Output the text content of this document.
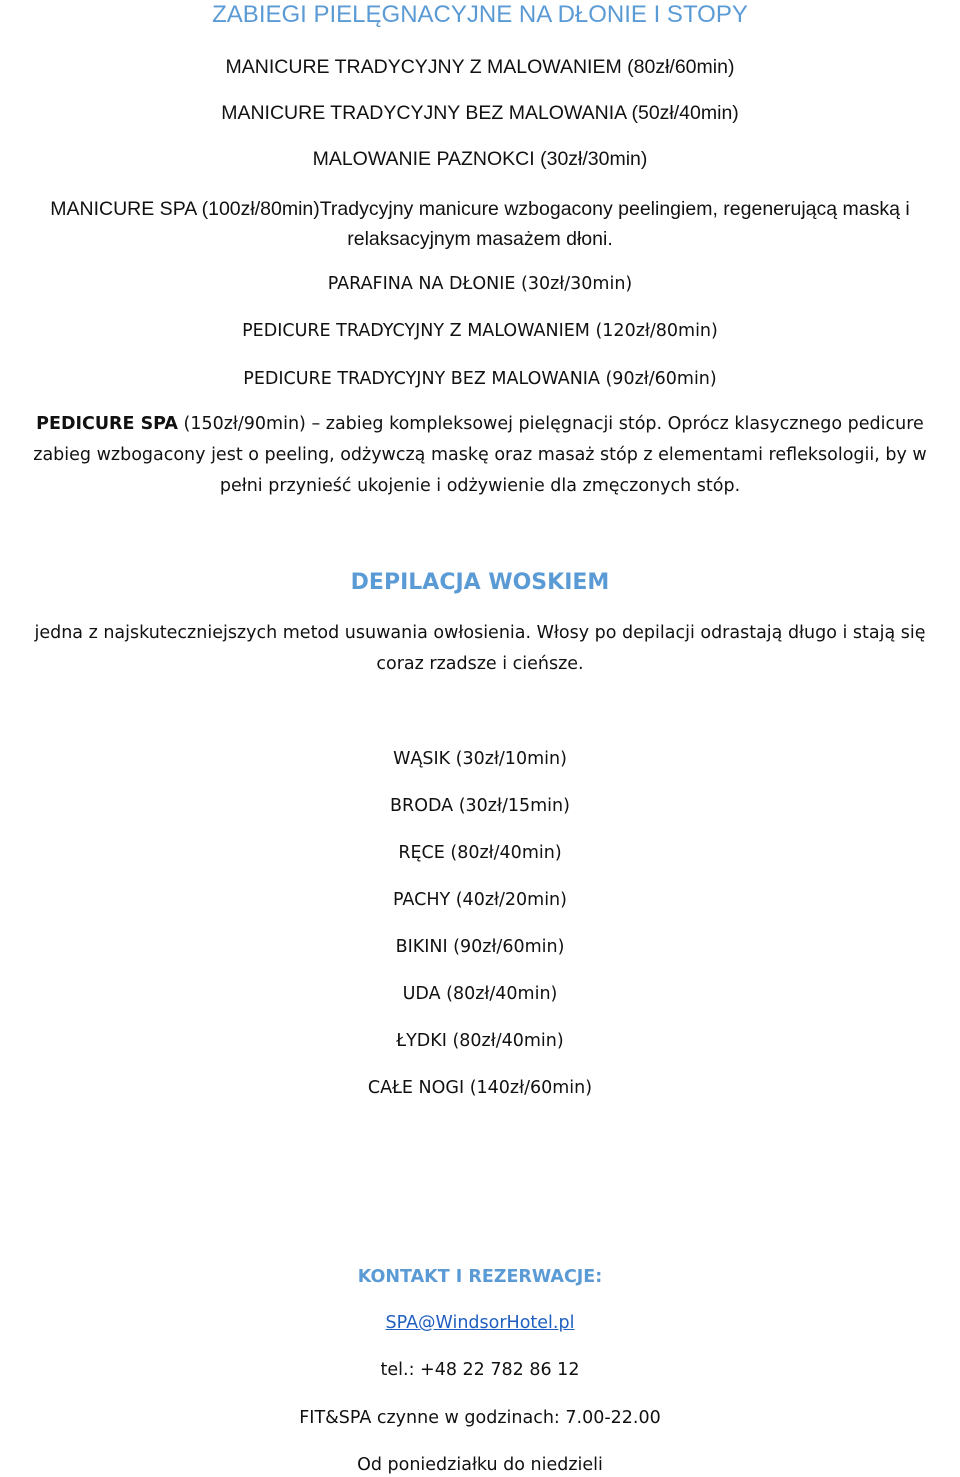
ZABIEGI PIELĘGNACYJNE NA DŁONIE I STOPY
MANICURE TRADYCYJNY Z MALOWANIEM (80zł/60min)
MANICURE TRADYCYJNY BEZ MALOWANIA (50zł/40min)
MALOWANIE PAZNOKCI (30zł/30min)
MANICURE SPA (100zł/80min)Tradycyjny manicure wzbogacony peelingiem, regenerującą maską i
relaksacyjnym masażem dłoni.
PARAFINA NA DŁONIE (30zł/30min)
PEDICURE TRADYCYJNY Z MALOWANIEM (120zł/80min)
PEDICURE TRADYCYJNY BEZ MALOWANIA (90zł/60min)
PEDICURE SPA (150zł/90min) – zabieg kompleksowej pielęgnacji stóp. Oprócz klasycznego pedicure
zabieg wzbogacony jest o peeling, odżywczą maskę oraz masaż stóp z elementami refleksologii, by w
pełni przynieść ukojenie i odżywienie dla zmęczonych stóp.
DEPILACJA WOSKIEM
jedna z najskuteczniejszych metod usuwania owłosienia. Włosy po depilacji odrastają długo i stają się
coraz rzadsze i cieńsze.
WĄSIK (30zł/10min)
BRODA (30zł/15min)
RĘCE (80zł/40min)
PACHY (40zł/20min)
BIKINI (90zł/60min)
UDA (80zł/40min)
ŁYDKI (80zł/40min)
CAŁE NOGI (140zł/60min)
KONTAKT I REZERWACJE:
SPA@WindsorHotel.pl
tel.: +48 22 782 86 12
FIT&SPA czynne w godzinach: 7.00-22.00
Od poniedziałku do niedzieli
